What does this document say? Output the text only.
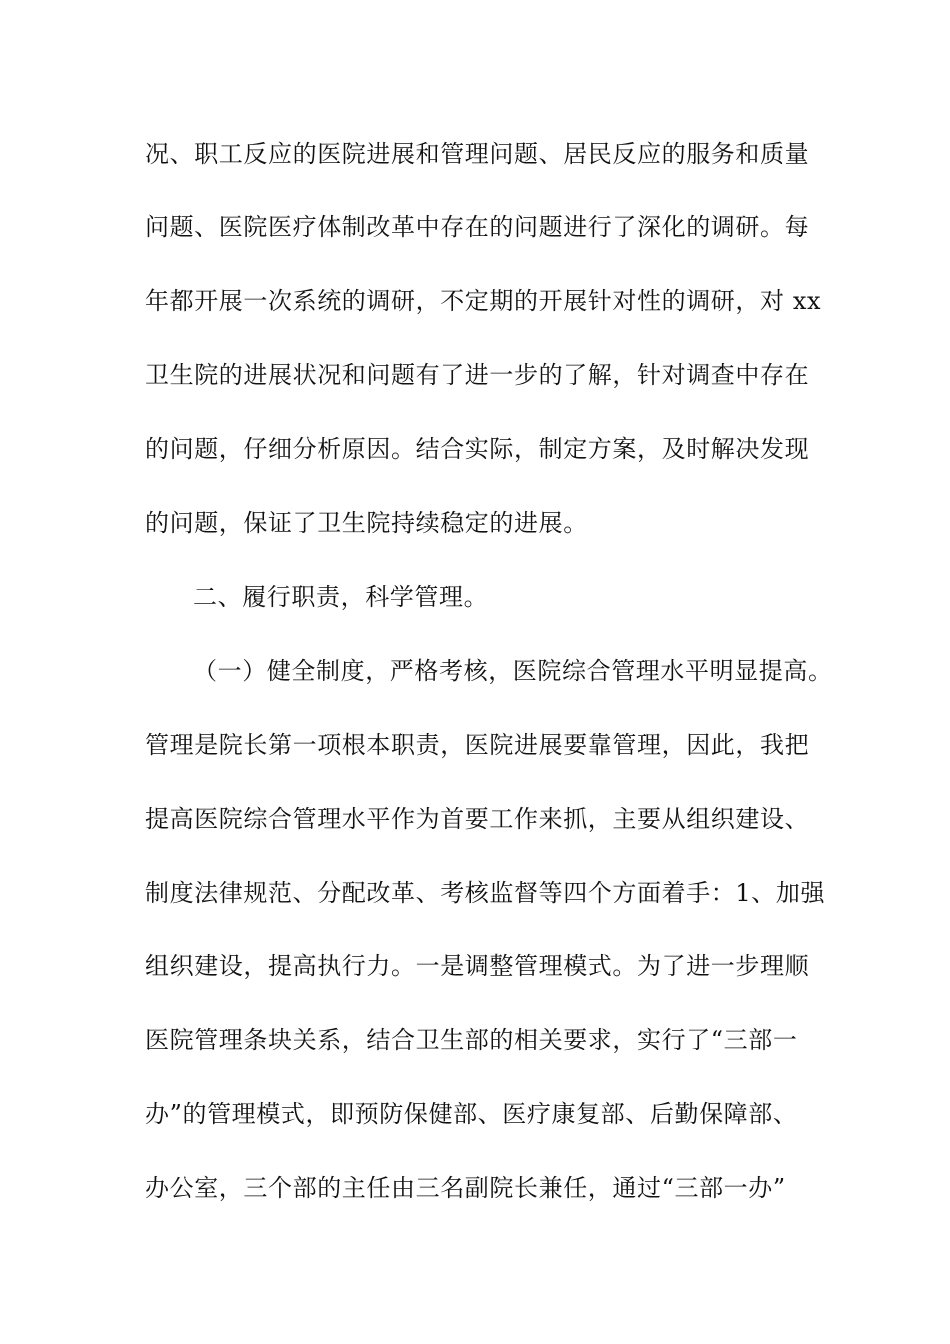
况、职工反应的医院进展和管理问题、居民反应的服务和质量
问题、医院医疗体制改革中存在的问题进行了深化的调研。每
年都开展一次系统的调研，不定期的开展针对性的调研，对 xx
卫生院的进展状况和问题有了进一步的了解，针对调查中存在
的问题，仔细分析原因。结合实际，制定方案，及时解决发现
的问题，保证了卫生院持续稳定的进展。
二、履行职责，科学管理。
（一）健全制度，严格考核，医院综合管理水平明显提高。
管理是院长第一项根本职责，医院进展要靠管理，因此，我把
提高医院综合管理水平作为首要工作来抓，主要从组织建设、
制度法律规范、分配改革、考核监督等四个方面着手：1、加强
组织建设，提高执行力。一是调整管理模式。为了进一步理顺
医院管理条块关系，结合卫生部的相关要求，实行了“三部一
办”的管理模式，即预防保健部、医疗康复部、后勤保障部、
办公室，三个部的主任由三名副院长兼任，通过“三部一办”
